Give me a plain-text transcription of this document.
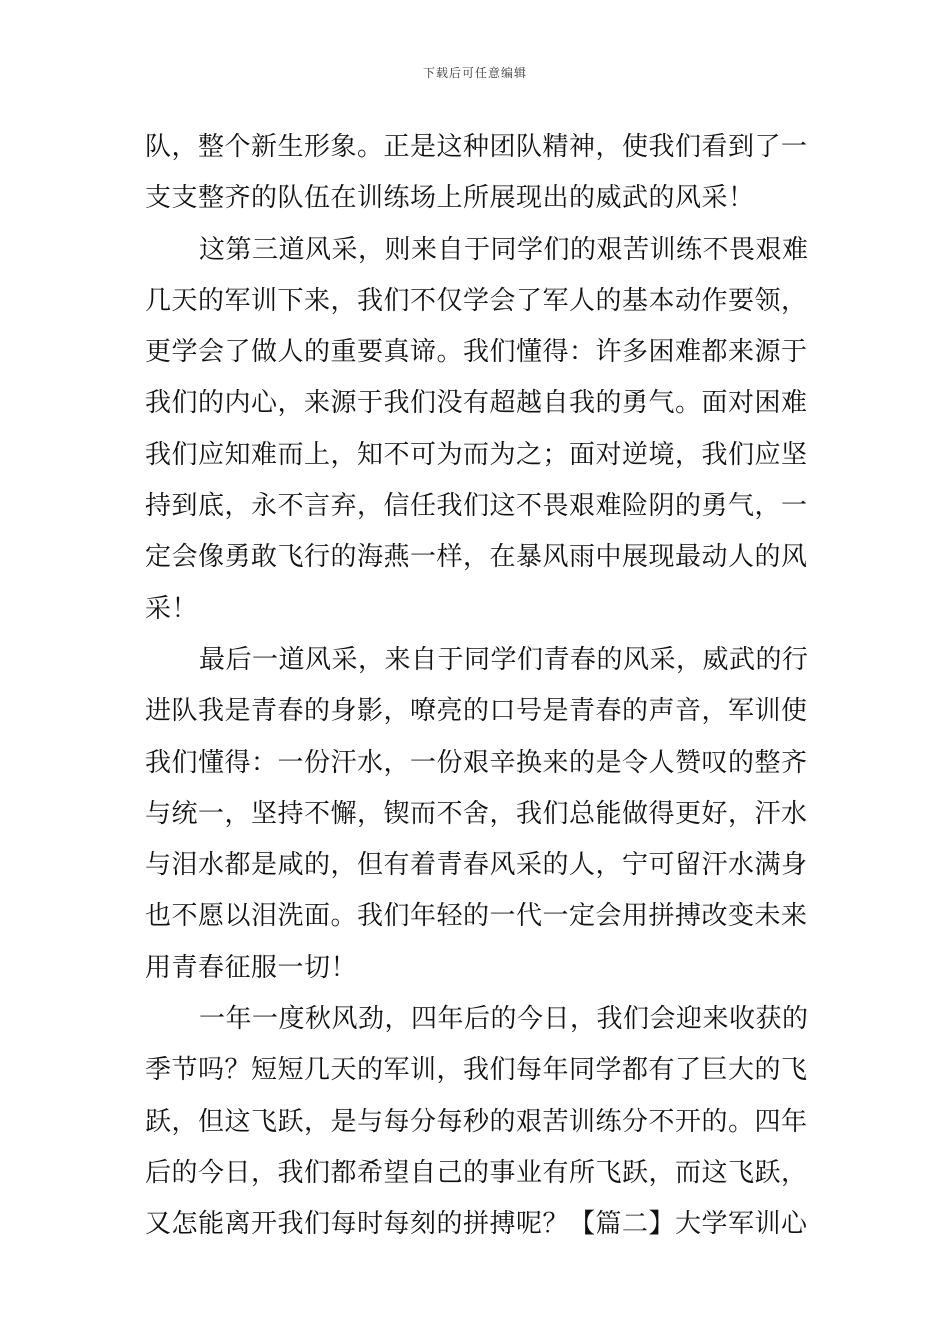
下载后可任意编辑
队，整个新生形象。正是这种团队精神，使我们看到了一
支支整齐的队伍在训练场上所展现出的威武的风采！
这第三道风采，则来自于同学们的艰苦训练不畏艰难
几天的军训下来，我们不仅学会了军人的基本动作要领，
更学会了做人的重要真谛。我们懂得：许多困难都来源于
我们的内心，来源于我们没有超越自我的勇气。面对困难
我们应知难而上，知不可为而为之；面对逆境，我们应坚
持到底，永不言弃，信任我们这不畏艰难险阴的勇气，一
定会像勇敢飞行的海燕一样，在暴风雨中展现最动人的风
采！
最后一道风采，来自于同学们青春的风采，威武的行
进队我是青春的身影，嘹亮的口号是青春的声音，军训使
我们懂得：一份汗水，一份艰辛换来的是令人赞叹的整齐
与统一，坚持不懈，锲而不舍，我们总能做得更好，汗水
与泪水都是咸的，但有着青春风采的人，宁可留汗水满身
也不愿以泪洗面。我们年轻的一代一定会用拼搏改变未来
用青春征服一切！
一年一度秋风劲，四年后的今日，我们会迎来收获的
季节吗？短短几天的军训，我们每年同学都有了巨大的飞
跃，但这飞跃，是与每分每秒的艰苦训练分不开的。四年
后的今日，我们都希望自己的事业有所飞跃，而这飞跃，
又怎能离开我们每时每刻的拼搏呢？【篇二】大学军训心
